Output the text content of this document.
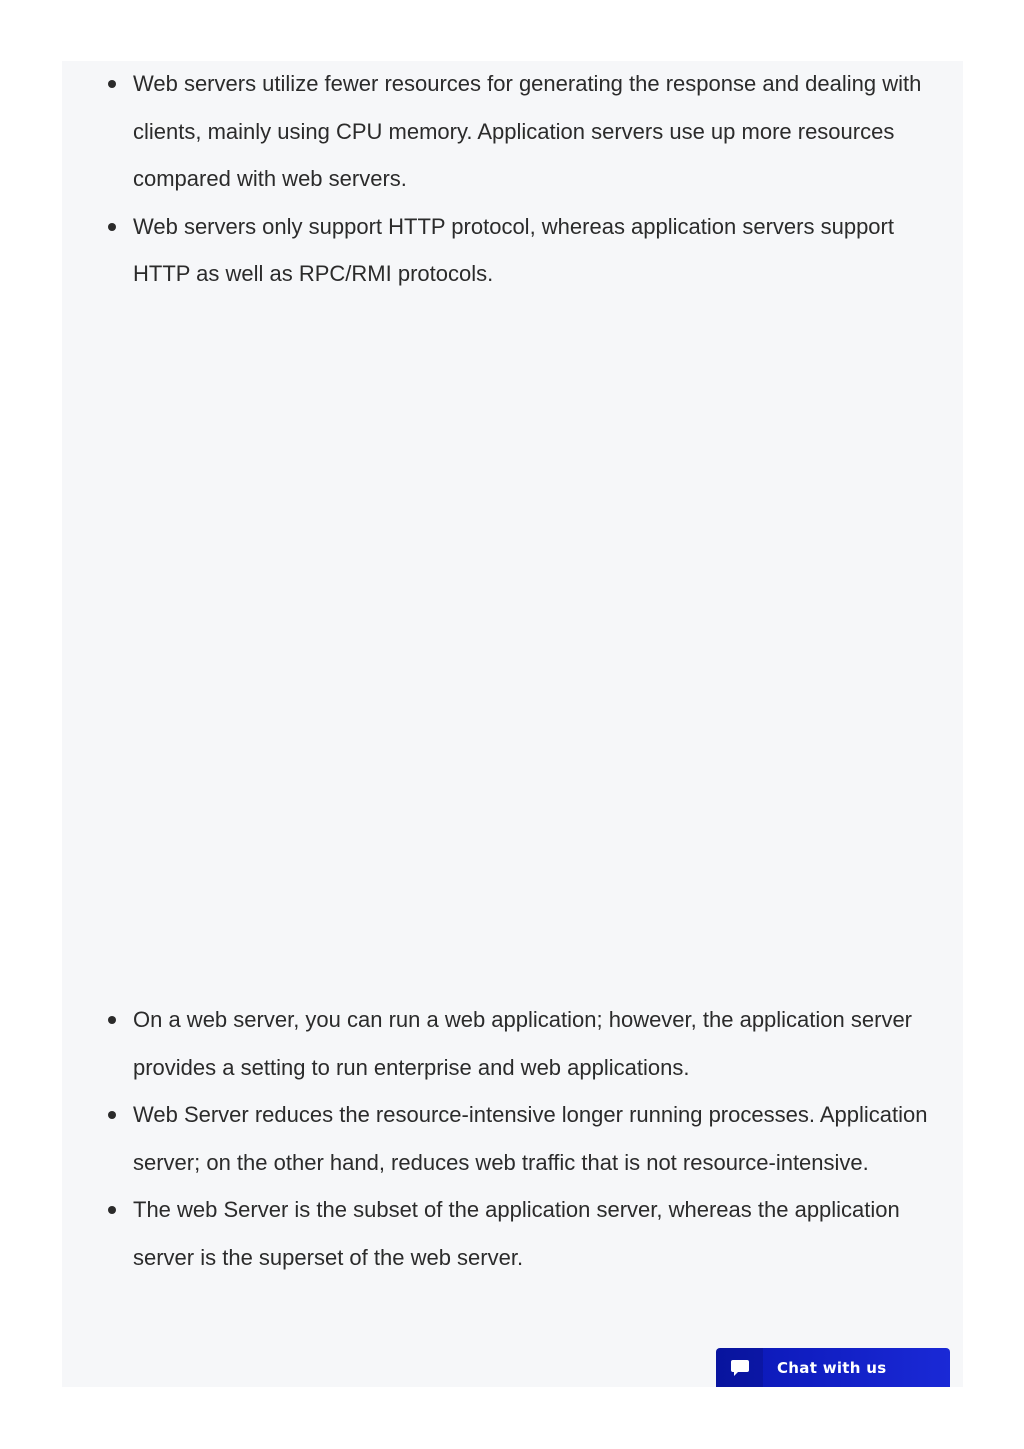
Web servers utilize fewer resources for generating the response and dealing with clients, mainly using CPU memory. Application servers use up more resources compared with web servers.
Web servers only support HTTP protocol, whereas application servers support HTTP as well as RPC/RMI protocols.
On a web server, you can run a web application; however, the application server provides a setting to run enterprise and web applications.
Web Server reduces the resource-intensive longer running processes. Application server; on the other hand, reduces web traffic that is not resource-intensive.
The web Server is the subset of the application server, whereas the application server is the superset of the web server.
Chat with us
